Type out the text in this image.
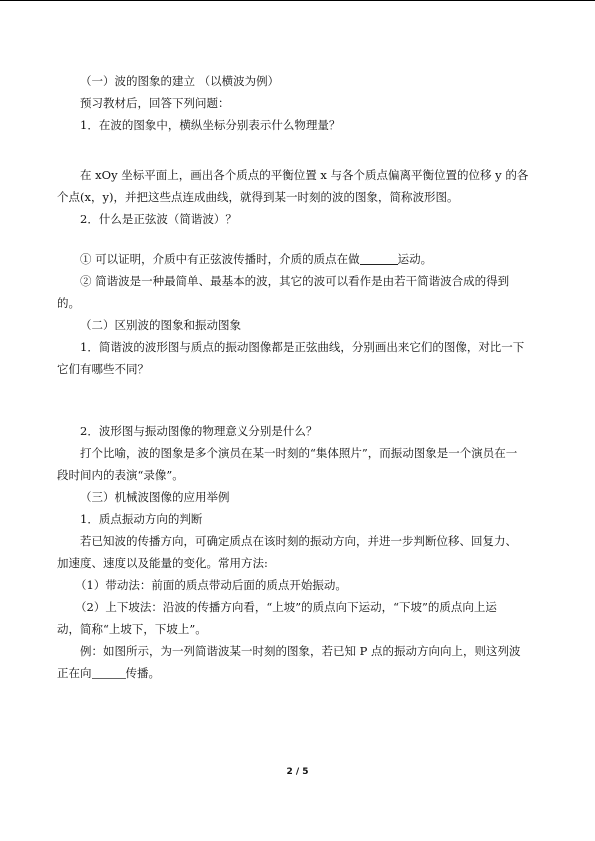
（一）波的图象的建立 （以横波为例）
预习教材后，回答下列问题：
1．在波的图象中，横纵坐标分别表示什么物理量？
在 xOy 坐标平面上，画出各个质点的平衡位置 x 与各个质点偏离平衡位置的位移 y 的各
个点(x，y)，并把这些点连成曲线，就得到某一时刻的波的图象，简称波形图。
2．什么是正弦波（简谐波）？
① 可以证明，介质中有正弦波传播时，介质的质点在做	运动。
② 简谐波是一种最简单、最基本的波，其它的波可以看作是由若干简谐波合成的得到
的。
（二）区别波的图象和振动图象
1．简谐波的波形图与质点的振动图像都是正弦曲线，分别画出来它们的图像，对比一下
它们有哪些不同？
2．波形图与振动图像的物理意义分别是什么？
打个比喻，波的图象是多个演员在某一时刻的“集体照片”，而振动图象是一个演员在一
段时间内的表演“录像”。
（三）机械波图像的应用举例
1．质点振动方向的判断
若已知波的传播方向，可确定质点在该时刻的振动方向，并进一步判断位移、回复力、
加速度、速度以及能量的变化。常用方法:
（1）带动法：前面的质点带动后面的质点开始振动。
（2）上下坡法：沿波的传播方向看，“上坡”的质点向下运动，“下坡”的质点向上运
动，简称“上坡下，下坡上”。
例：如图所示，为一列简谐波某一时刻的图象，若已知 P 点的振动方向向上，则这列波
正在向	传播。
2 / 5
